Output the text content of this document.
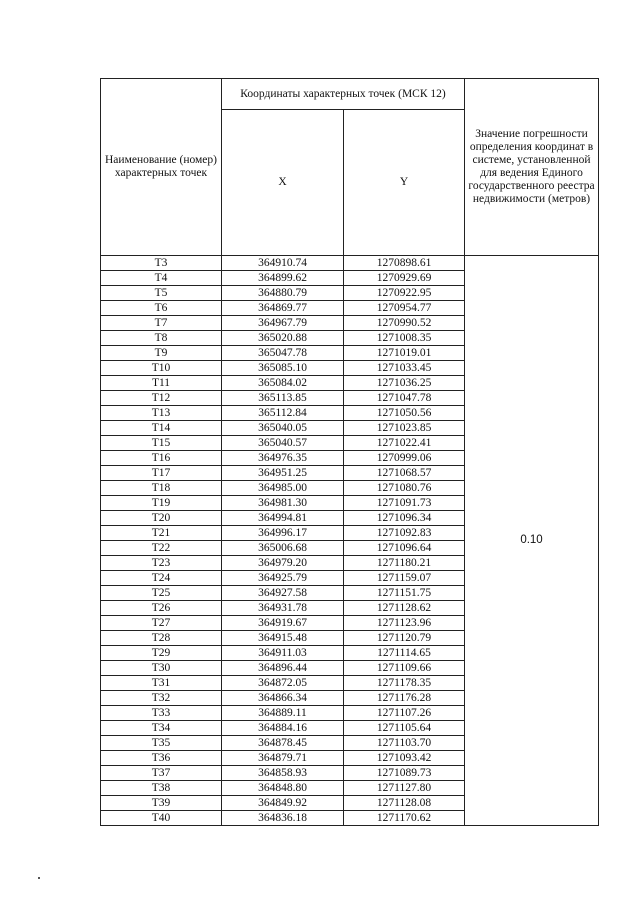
Наименование (номер) характерных точек	Координаты характерных точек (МСК 12)		Значение погрешности определения координат в системе, установленной для ведения Единого государственного реестра недвижимости (метров)
	X	Y	
Т3	364910.74	1270898.61	0.10
Т4	364899.62	1270929.69	
Т5	364880.79	1270922.95	
Т6	364869.77	1270954.77	
Т7	364967.79	1270990.52	
Т8	365020.88	1271008.35	
Т9	365047.78	1271019.01	
Т10	365085.10	1271033.45	
Т11	365084.02	1271036.25	
Т12	365113.85	1271047.78	
Т13	365112.84	1271050.56	
Т14	365040.05	1271023.85	
Т15	365040.57	1271022.41	
Т16	364976.35	1270999.06	
Т17	364951.25	1271068.57	
Т18	364985.00	1271080.76	
Т19	364981.30	1271091.73	
Т20	364994.81	1271096.34	
Т21	364996.17	1271092.83	
Т22	365006.68	1271096.64	
Т23	364979.20	1271180.21	
Т24	364925.79	1271159.07	
Т25	364927.58	1271151.75	
Т26	364931.78	1271128.62	
Т27	364919.67	1271123.96	
Т28	364915.48	1271120.79	
Т29	364911.03	1271114.65	
Т30	364896.44	1271109.66	
Т31	364872.05	1271178.35	
Т32	364866.34	1271176.28	
Т33	364889.11	1271107.26	
Т34	364884.16	1271105.64	
Т35	364878.45	1271103.70	
Т36	364879.71	1271093.42	
Т37	364858.93	1271089.73	
Т38	364848.80	1271127.80	
Т39	364849.92	1271128.08	
Т40	364836.18	1271170.62	
